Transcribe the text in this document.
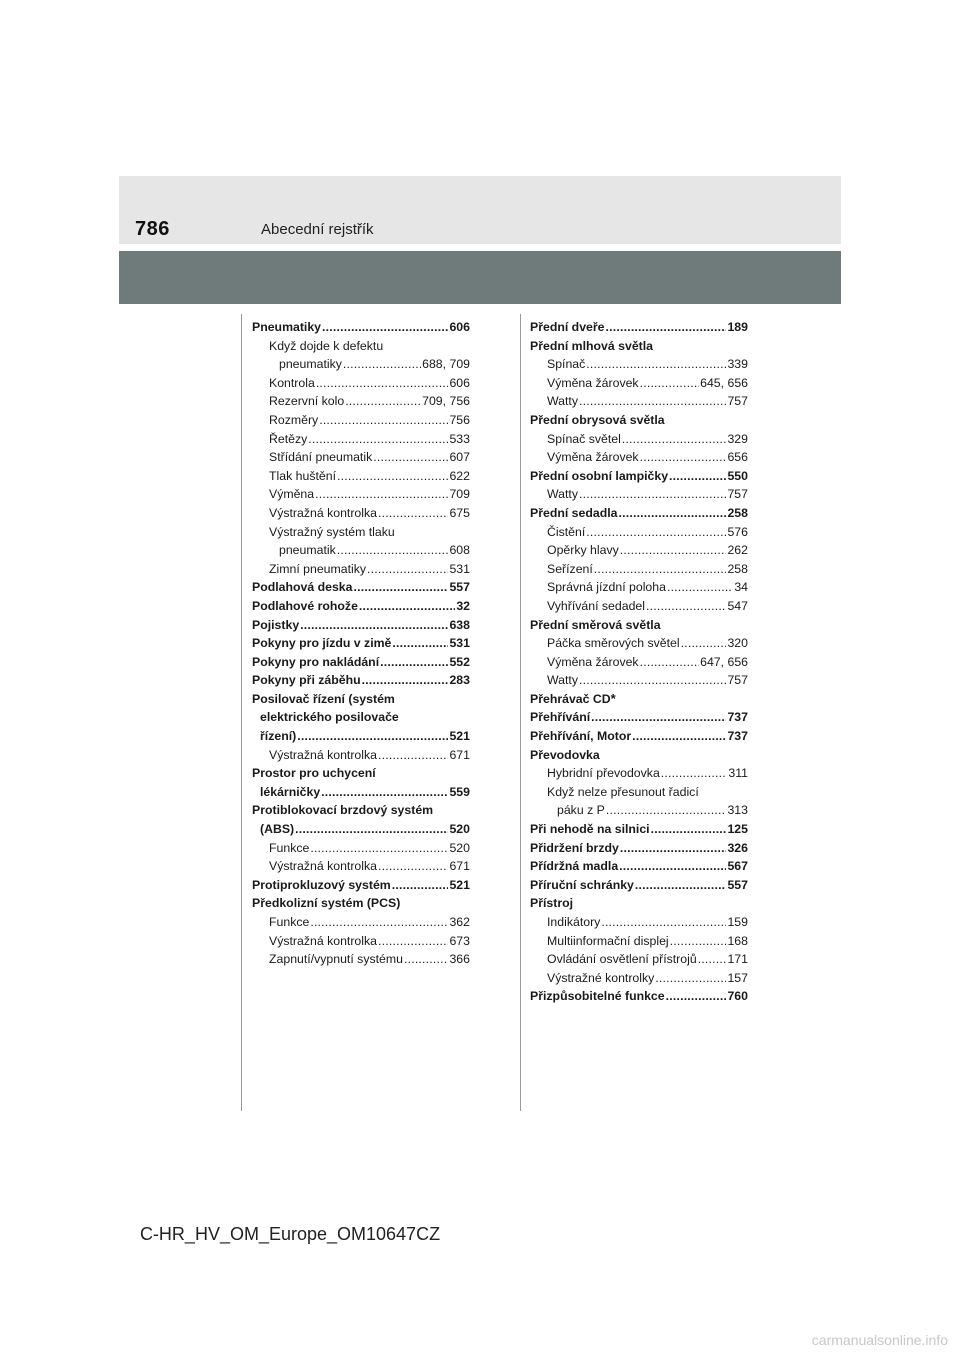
786	Abecední rejstřík
Pneumatiky .....	606
Když dojde k defektu
pneumatiky .....	688, 709
Kontrola .....	606
Rezervní kolo .....	709, 756
Rozměry .....	756
Řetězy .....	533
Střídání pneumatik .....	607
Tlak huštění .....	622
Výměna .....	709
Výstražná kontrolka .....	675
Výstražný systém tlaku
pneumatik .....	608
Zimní pneumatiky .....	531
Podlahová deska .....	557
Podlahové rohože .....	32
Pojistky .....	638
Pokyny pro jízdu v zimě .....	531
Pokyny pro nakládání .....	552
Pokyny při záběhu .....	283
Posilovač řízení (systém
elektrického posilovače
řízení) .....	521
Výstražná kontrolka .....	671
Prostor pro uchycení
lékárničky .....	559
Protiblokovací brzdový systém
(ABS) .....	520
Funkce .....	520
Výstražná kontrolka .....	671
Protiprokluzový systém .....	521
Předkolizní systém (PCS)
Funkce .....	362
Výstražná kontrolka .....	673
Zapnutí/vypnutí systému .....	366
Přední dveře .....	189
Přední mlhová světla
Spínač .....	339
Výměna žárovek .....	645, 656
Watty .....	757
Přední obrysová světla
Spínač světel .....	329
Výměna žárovek .....	656
Přední osobní lampičky .....	550
Watty .....	757
Přední sedadla .....	258
Čistění .....	576
Opěrky hlavy .....	262
Seřízení .....	258
Správná jízdní poloha .....	34
Vyhřívání sedadel .....	547
Přední směrová světla
Páčka směrových světel .....	320
Výměna žárovek .....	647, 656
Watty .....	757
Přehrávač CD *
Přehřívání .....	737
Přehřívání, Motor .....	737
Převodovka
Hybridní převodovka .....	311
Když nelze přesunout řadicí
páku z P .....	313
Při nehodě na silnici .....	125
Přidržení brzdy .....	326
Přídržná madla .....	567
Příruční schránky .....	557
Přístroj
Indikátory .....	159
Multiinformační displej .....	168
Ovládání osvětlení přístrojů .....	171
Výstražné kontrolky .....	157
Přizpůsobitelné funkce .....	760
C-HR_HV_OM_Europe_OM10647CZ
carmanualsonline.info
